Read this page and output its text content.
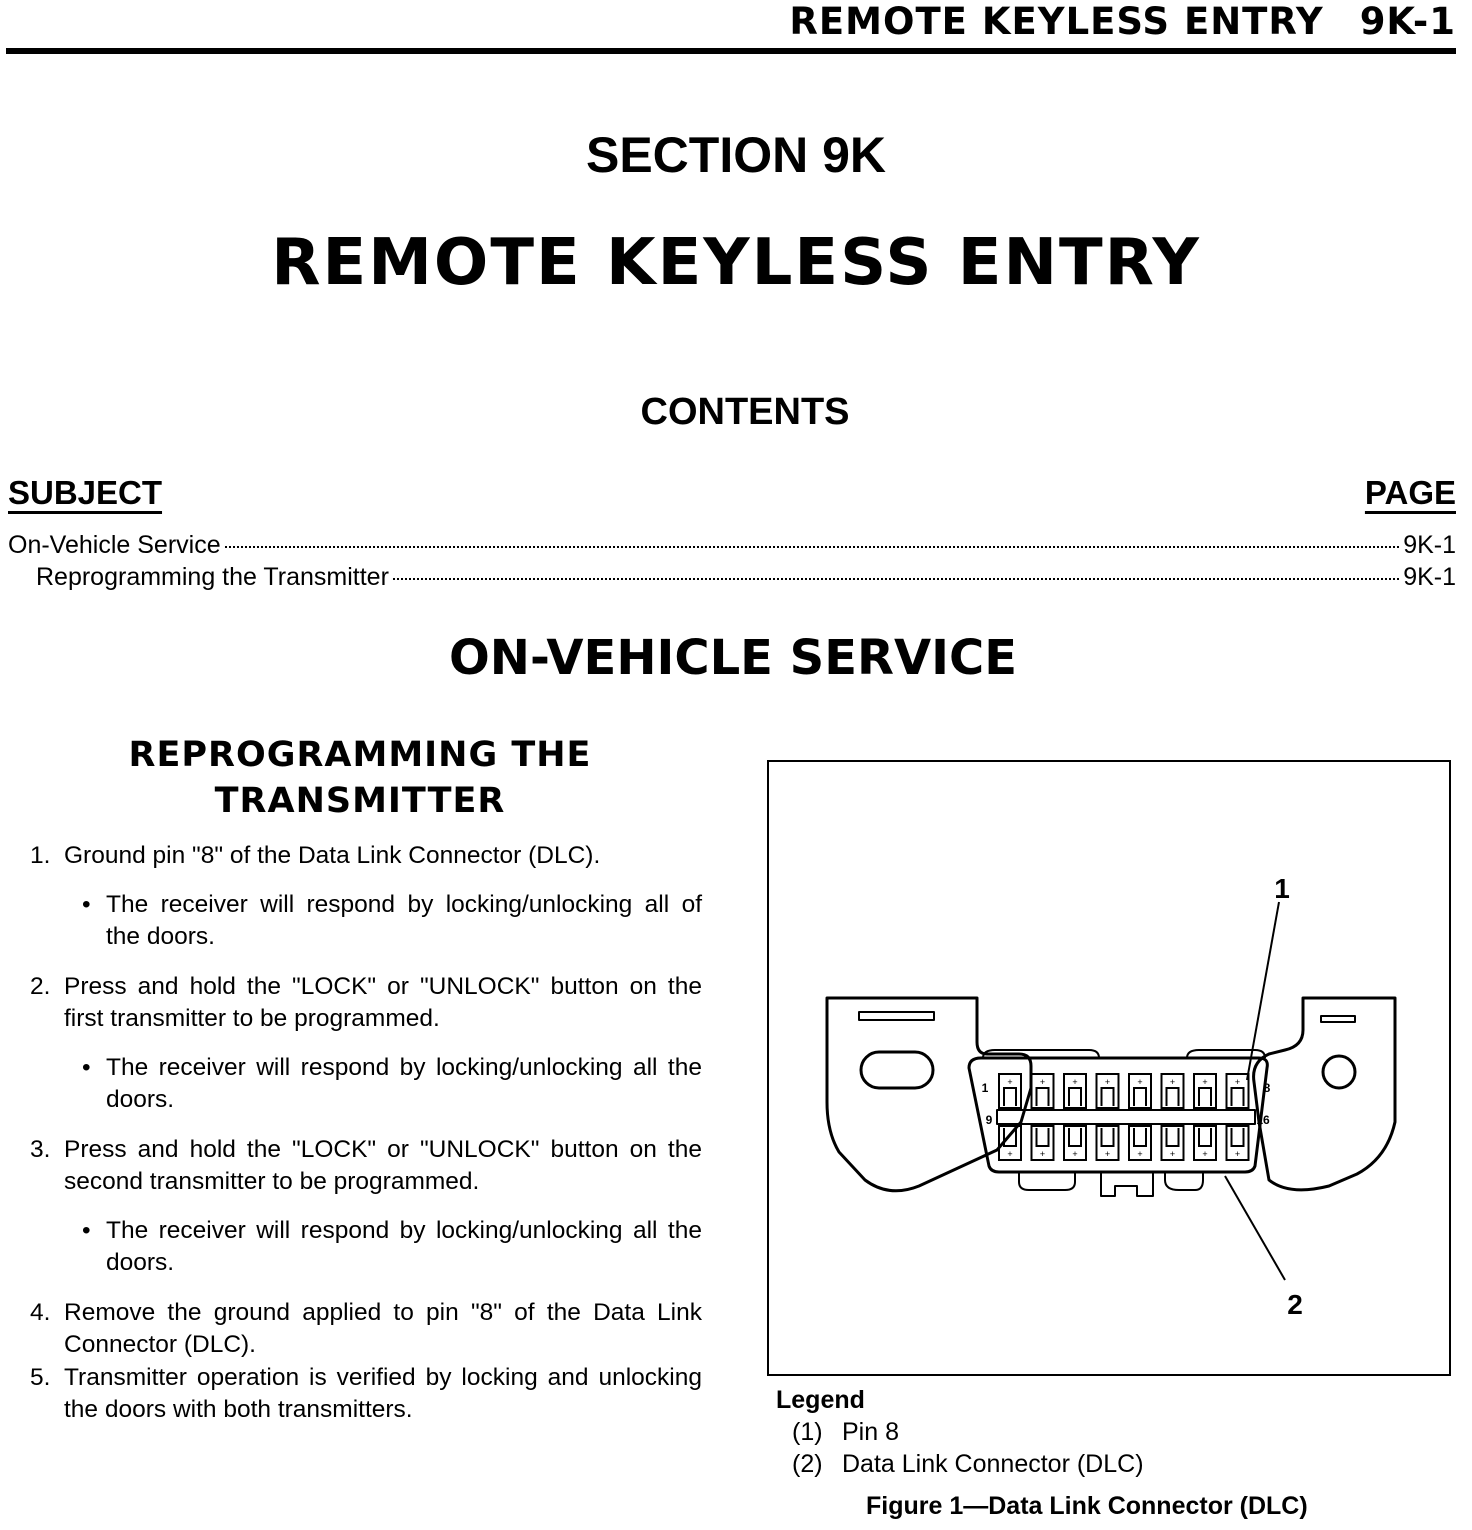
REMOTE KEYLESS ENTRY 9K-1
SECTION 9K
REMOTE KEYLESS ENTRY
CONTENTS
SUBJECT	PAGE
On-Vehicle Service	9K-1
Reprogramming the Transmitter	9K-1
ON-VEHICLE SERVICE
REPROGRAMMING THE
TRANSMITTER
1. Ground pin "8" of the Data Link Connector (DLC).
• The receiver will respond by locking/unlocking all of the doors.
2. Press and hold the "LOCK" or "UNLOCK" button on the first transmitter to be programmed.
• The receiver will respond by locking/unlocking all the doors.
3. Press and hold the "LOCK" or "UNLOCK" button on the second transmitter to be programmed.
• The receiver will respond by locking/unlocking all the doors.
4. Remove the ground applied to pin "8" of the Data Link Connector (DLC).
5. Transmitter operation is verified by locking and unlocking the doors with both transmitters.
+	+	+	+	+	+	+	+
+	+	+	+	+	+	+	+
1	8
9	16
1
2
Legend
(1) Pin 8
(2) Data Link Connector (DLC)
Figure 1—Data Link Connector (DLC)
